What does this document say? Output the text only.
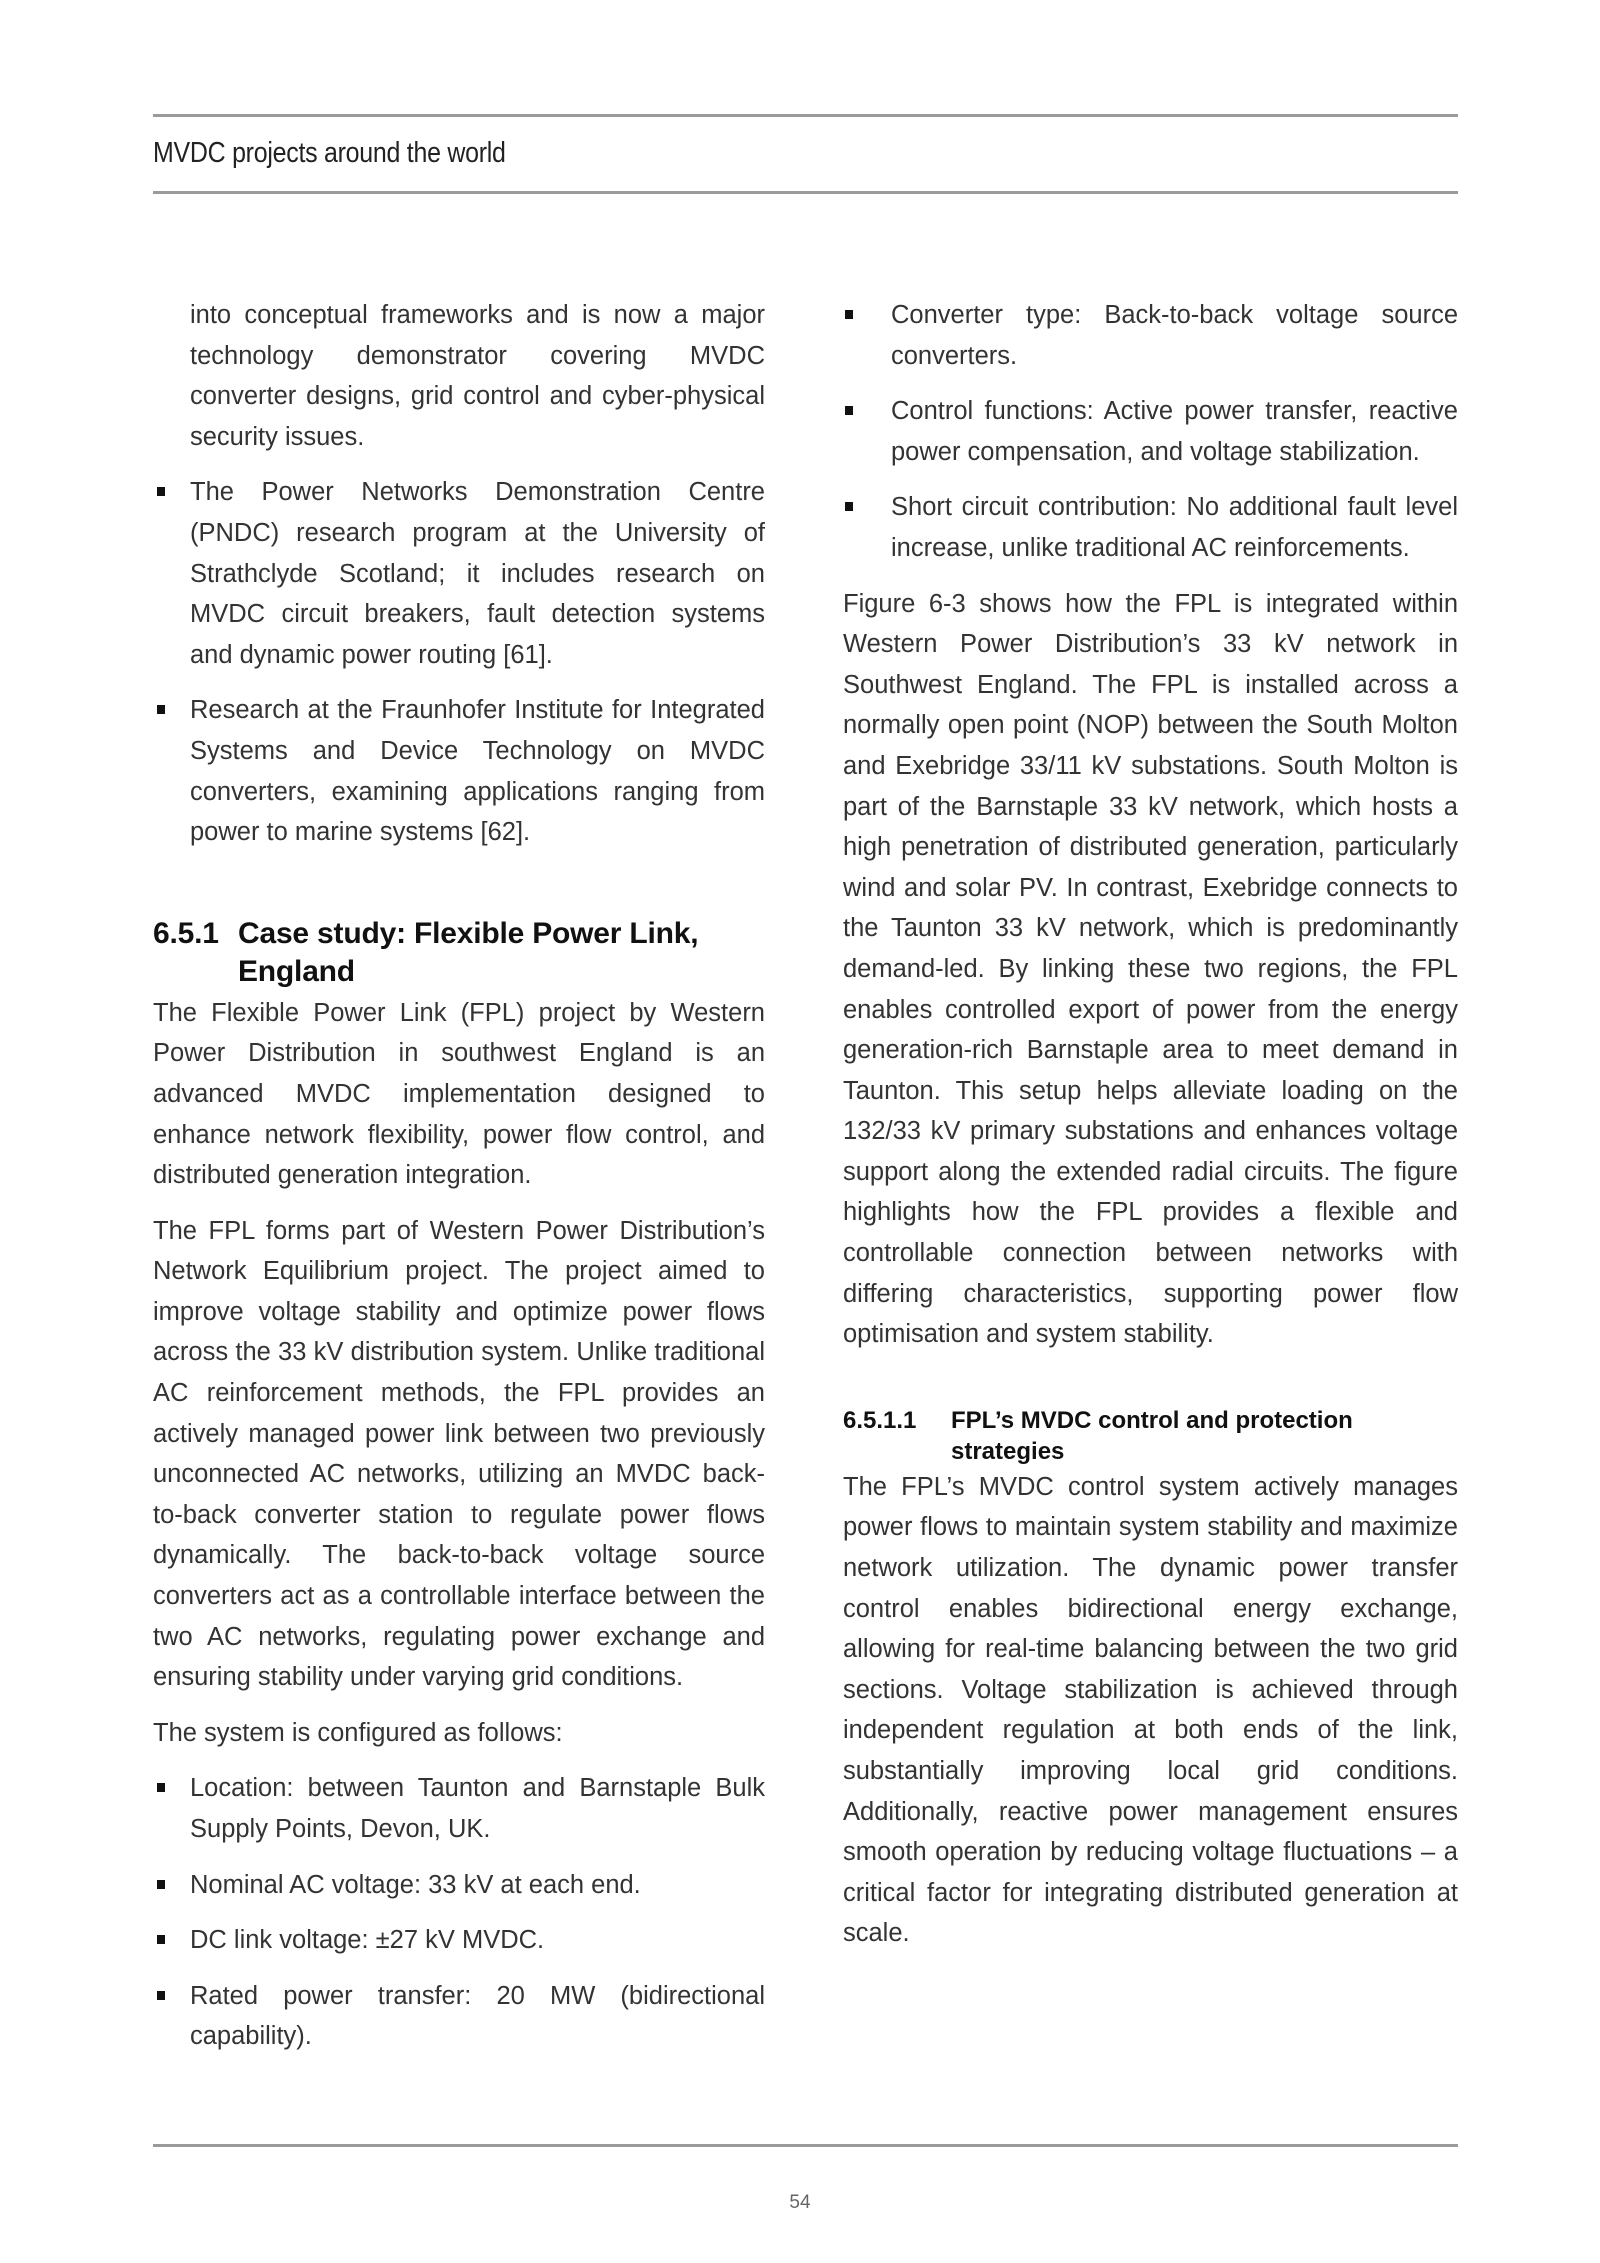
MVDC projects around the world

into conceptual frameworks and is now a major technology demonstrator covering MVDC converter designs, grid control and cyber-physical security issues.

The Power Networks Demonstration Centre (PNDC) research program at the University of Strathclyde Scotland; it includes research on MVDC circuit breakers, fault detection systems and dynamic power routing [61].
Research at the Fraunhofer Institute for Integrated Systems and Device Technology on MVDC converters, examining applications ranging from power to marine systems [62].
6.5.1 Case study: Flexible Power Link, England

The Flexible Power Link (FPL) project by Western Power Distribution in southwest England is an advanced MVDC implementation designed to enhance network flexibility, power flow control, and distributed generation integration.

The FPL forms part of Western Power Distribution’s Network Equilibrium project. The project aimed to improve voltage stability and optimize power flows across the 33 kV distribution system. Unlike traditional AC reinforcement methods, the FPL provides an actively managed power link between two previously unconnected AC networks, utilizing an MVDC back-to-back converter station to regulate power flows dynamically. The back-to-back voltage source converters act as a controllable interface between the two AC networks, regulating power exchange and ensuring stability under varying grid conditions.

The system is configured as follows:

Location: between Taunton and Barnstaple Bulk Supply Points, Devon, UK.
Nominal AC voltage: 33 kV at each end.
DC link voltage: ±27 kV MVDC.
Rated power transfer: 20 MW (bidirectional capability).
Converter type: Back-to-back voltage source converters.
Control functions: Active power transfer, reactive power compensation, and voltage stabilization.
Short circuit contribution: No additional fault level increase, unlike traditional AC reinforcements.

Figure 6-3 shows how the FPL is integrated within Western Power Distribution’s 33 kV network in Southwest England. The FPL is installed across a normally open point (NOP) between the South Molton and Exebridge 33/11 kV substations. South Molton is part of the Barnstaple 33 kV network, which hosts a high penetration of distributed generation, particularly wind and solar PV. In contrast, Exebridge connects to the Taunton 33 kV network, which is predominantly demand-led. By linking these two regions, the FPL enables controlled export of power from the energy generation-rich Barnstaple area to meet demand in Taunton. This setup helps alleviate loading on the 132/33 kV primary substations and enhances voltage support along the extended radial circuits. The figure highlights how the FPL provides a flexible and controllable connection between networks with differing characteristics, supporting power flow optimisation and system stability.

6.5.1.1 FPL’s MVDC control and protection strategies

The FPL’s MVDC control system actively manages power flows to maintain system stability and maximize network utilization. The dynamic power transfer control enables bidirectional energy exchange, allowing for real-time balancing between the two grid sections. Voltage stabilization is achieved through independent regulation at both ends of the link, substantially improving local grid conditions. Additionally, reactive power management ensures smooth operation by reducing voltage fluctuations – a critical factor for integrating distributed generation at scale.

54
